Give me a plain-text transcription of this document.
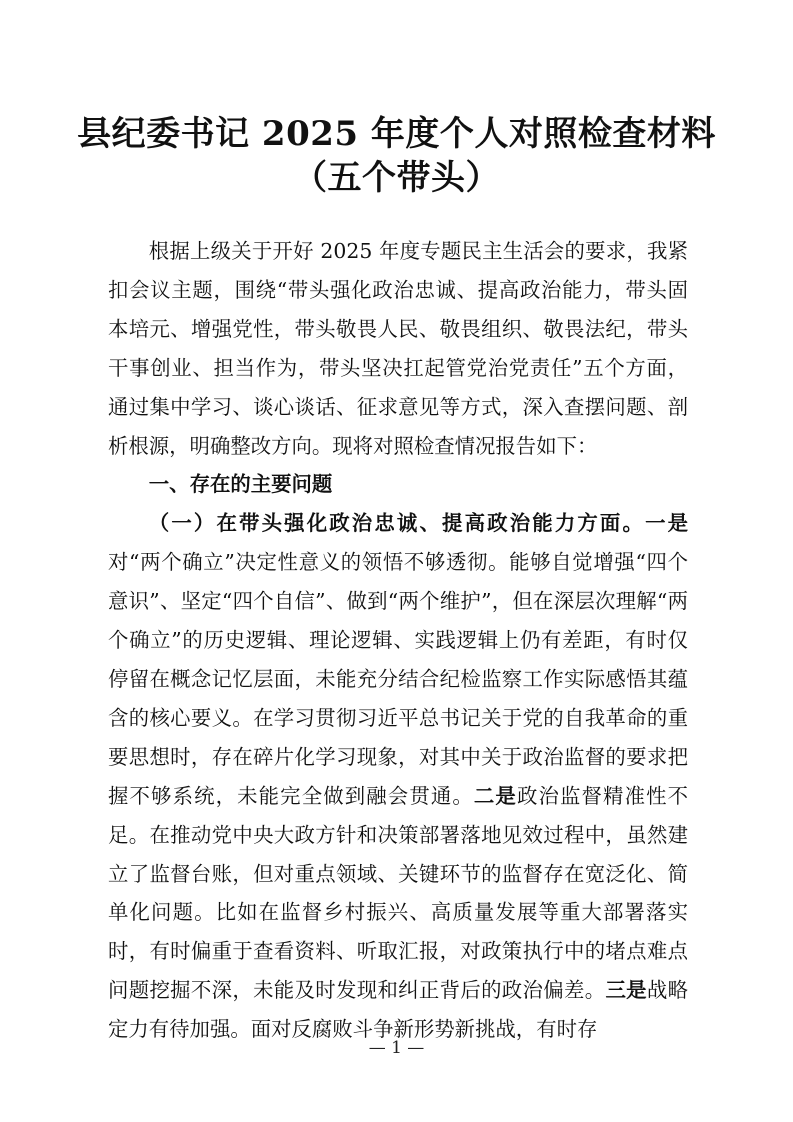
县纪委书记 2025 年度个人对照检查材料
（五个带头）

根据上级关于开好 2025 年度专题民主生活会的要求，我紧扣会议主题，围绕“带头强化政治忠诚、提高政治能力，带头固本培元、增强党性，带头敬畏人民、敬畏组织、敬畏法纪，带头干事创业、担当作为，带头坚决扛起管党治党责任”五个方面，通过集中学习、谈心谈话、征求意见等方式，深入查摆问题、剖析根源，明确整改方向。现将对照检查情况报告如下：

一、存在的主要问题

（一）在带头强化政治忠诚、提高政治能力方面。一是对“两个确立”决定性意义的领悟不够透彻。能够自觉增强“四个意识”、坚定“四个自信”、做到“两个维护”，但在深层次理解“两个确立”的历史逻辑、理论逻辑、实践逻辑上仍有差距，有时仅停留在概念记忆层面，未能充分结合纪检监察工作实际感悟其蕴含的核心要义。在学习贯彻习近平总书记关于党的自我革命的重要思想时，存在碎片化学习现象，对其中关于政治监督的要求把握不够系统，未能完全做到融会贯通。二是政治监督精准性不足。在推动党中央大政方针和决策部署落地见效过程中，虽然建立了监督台账，但对重点领域、关键环节的监督存在宽泛化、简单化问题。比如在监督乡村振兴、高质量发展等重大部署落实时，有时偏重于查看资料、听取汇报，对政策执行中的堵点难点问题挖掘不深，未能及时发现和纠正背后的政治偏差。三是战略定力有待加强。面对反腐败斗争新形势新挑战，有时存

— 1 —
